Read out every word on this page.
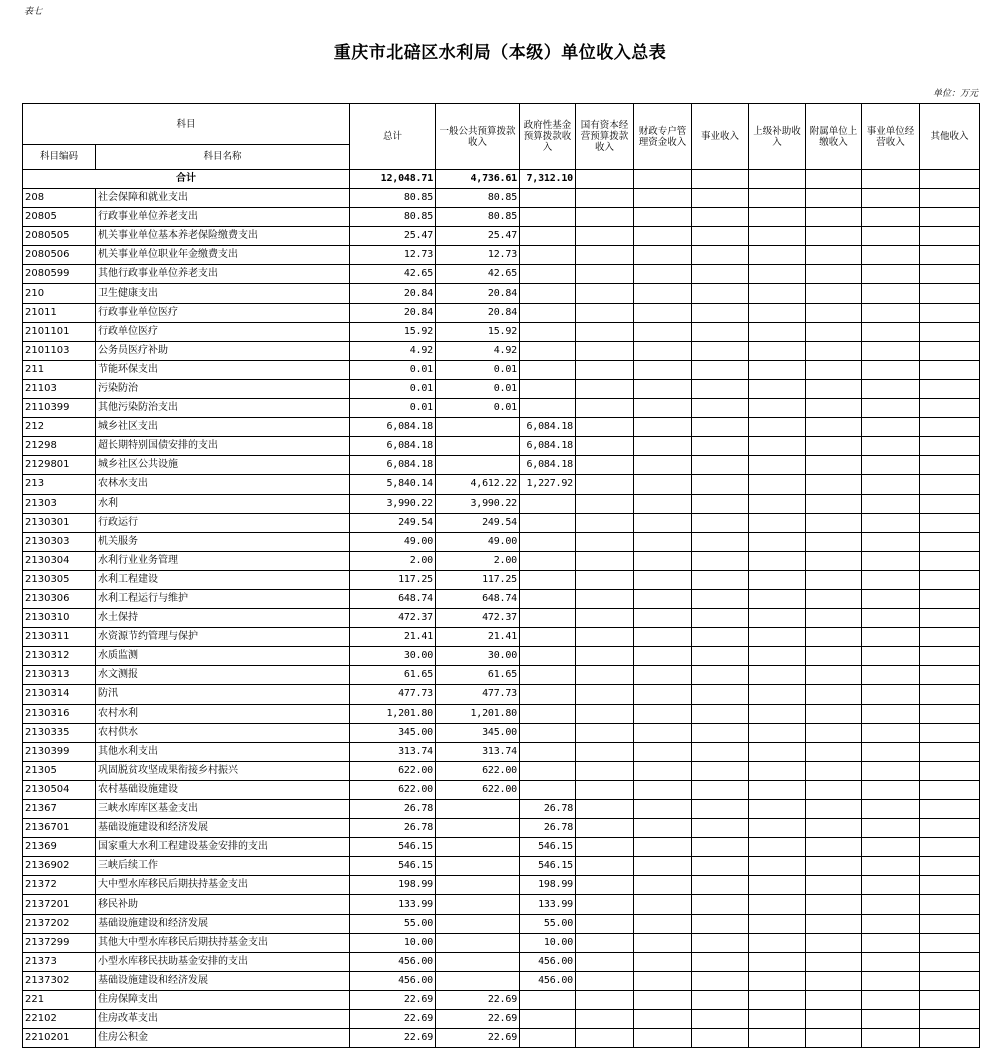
表七
重庆市北碚区水利局（本级）单位收入总表
单位：万元
科目		总计	一般公共预算拨款收入	政府性基金预算拨款收入	国有资本经营预算拨款收入	财政专户管理资金收入	事业收入	上级补助收入	附属单位上缴收入	事业单位经营收入	其他收入
科目编码	科目名称										
合计		12,048.71	4,736.61	7,312.10							
208	社会保障和就业支出	80.85	80.85								
20805	行政事业单位养老支出	80.85	80.85								
2080505	机关事业单位基本养老保险缴费支出	25.47	25.47								
2080506	机关事业单位职业年金缴费支出	12.73	12.73								
2080599	其他行政事业单位养老支出	42.65	42.65								
210	卫生健康支出	20.84	20.84								
21011	行政事业单位医疗	20.84	20.84								
2101101	行政单位医疗	15.92	15.92								
2101103	公务员医疗补助	4.92	4.92								
211	节能环保支出	0.01	0.01								
21103	污染防治	0.01	0.01								
2110399	其他污染防治支出	0.01	0.01								
212	城乡社区支出	6,084.18		6,084.18							
21298	超长期特别国债安排的支出	6,084.18		6,084.18							
2129801	城乡社区公共设施	6,084.18		6,084.18							
213	农林水支出	5,840.14	4,612.22	1,227.92							
21303	水利	3,990.22	3,990.22								
2130301	行政运行	249.54	249.54								
2130303	机关服务	49.00	49.00								
2130304	水利行业业务管理	2.00	2.00								
2130305	水利工程建设	117.25	117.25								
2130306	水利工程运行与维护	648.74	648.74								
2130310	水土保持	472.37	472.37								
2130311	水资源节约管理与保护	21.41	21.41								
2130312	水质监测	30.00	30.00								
2130313	水文测报	61.65	61.65								
2130314	防汛	477.73	477.73								
2130316	农村水利	1,201.80	1,201.80								
2130335	农村供水	345.00	345.00								
2130399	其他水利支出	313.74	313.74								
21305	巩固脱贫攻坚成果衔接乡村振兴	622.00	622.00								
2130504	农村基础设施建设	622.00	622.00								
21367	三峡水库库区基金支出	26.78		26.78							
2136701	基础设施建设和经济发展	26.78		26.78							
21369	国家重大水利工程建设基金安排的支出	546.15		546.15							
2136902	三峡后续工作	546.15		546.15							
21372	大中型水库移民后期扶持基金支出	198.99		198.99							
2137201	移民补助	133.99		133.99							
2137202	基础设施建设和经济发展	55.00		55.00							
2137299	其他大中型水库移民后期扶持基金支出	10.00		10.00							
21373	小型水库移民扶助基金安排的支出	456.00		456.00							
2137302	基础设施建设和经济发展	456.00		456.00							
221	住房保障支出	22.69	22.69								
22102	住房改革支出	22.69	22.69								
2210201	住房公积金	22.69	22.69								
